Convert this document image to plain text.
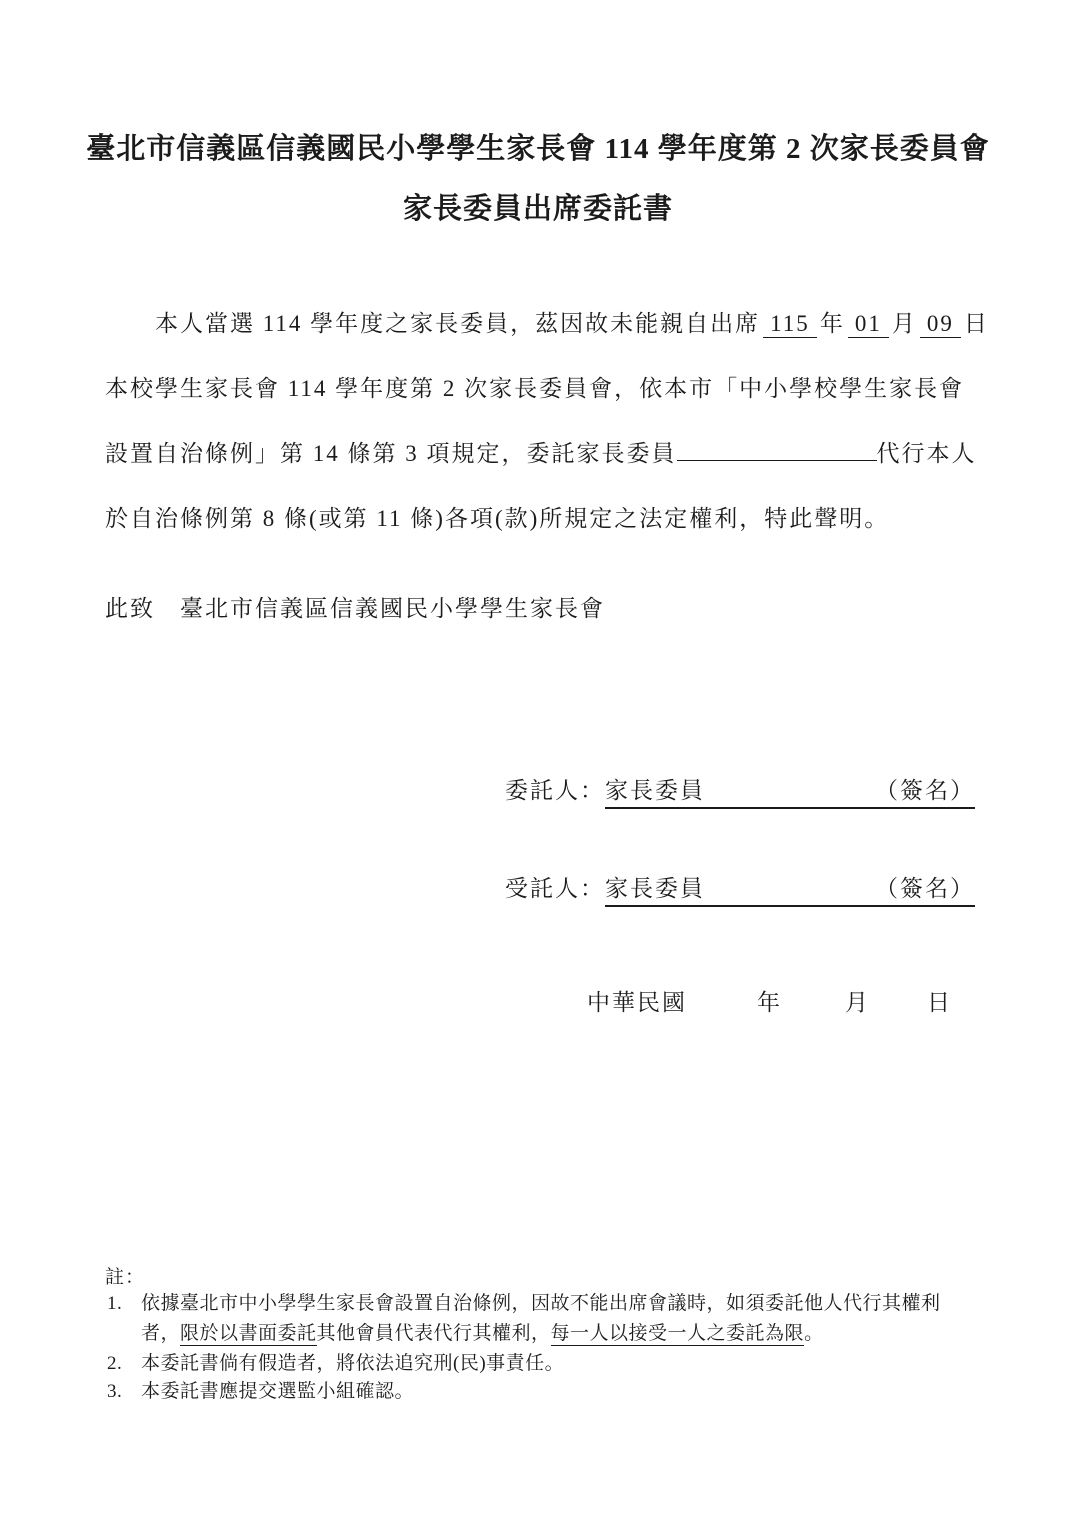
臺北市信義區信義國民小學學生家長會 114 學年度第 2 次家長委員會
家長委員出席委託書
本人當選 114 學年度之家長委員，茲因故未能親自出席 115 年 01 月 09 日
本校學生家長會 114 學年度第 2 次家長委員會，依本市「中小學校學生家長會
設置自治條例」第 14 條第 3 項規定，委託家長委員	代行本人
於自治條例第 8 條(或第 11 條)各項(款)所規定之法定權利，特此聲明。
此致　臺北市信義區信義國民小學學生家長會
委託人： 家長委員	（簽名）
受託人： 家長委員	（簽名）
中華民國	年	月 日
註：
1. 依據臺北市中小學學生家長會設置自治條例，因故不能出席會議時，如須委託他人代行其權利者，限於以書面委託其他會員代表代行其權利，每一人以接受一人之委託為限。
2. 本委託書倘有假造者，將依法追究刑(民)事責任。
3. 本委託書應提交選監小組確認。
